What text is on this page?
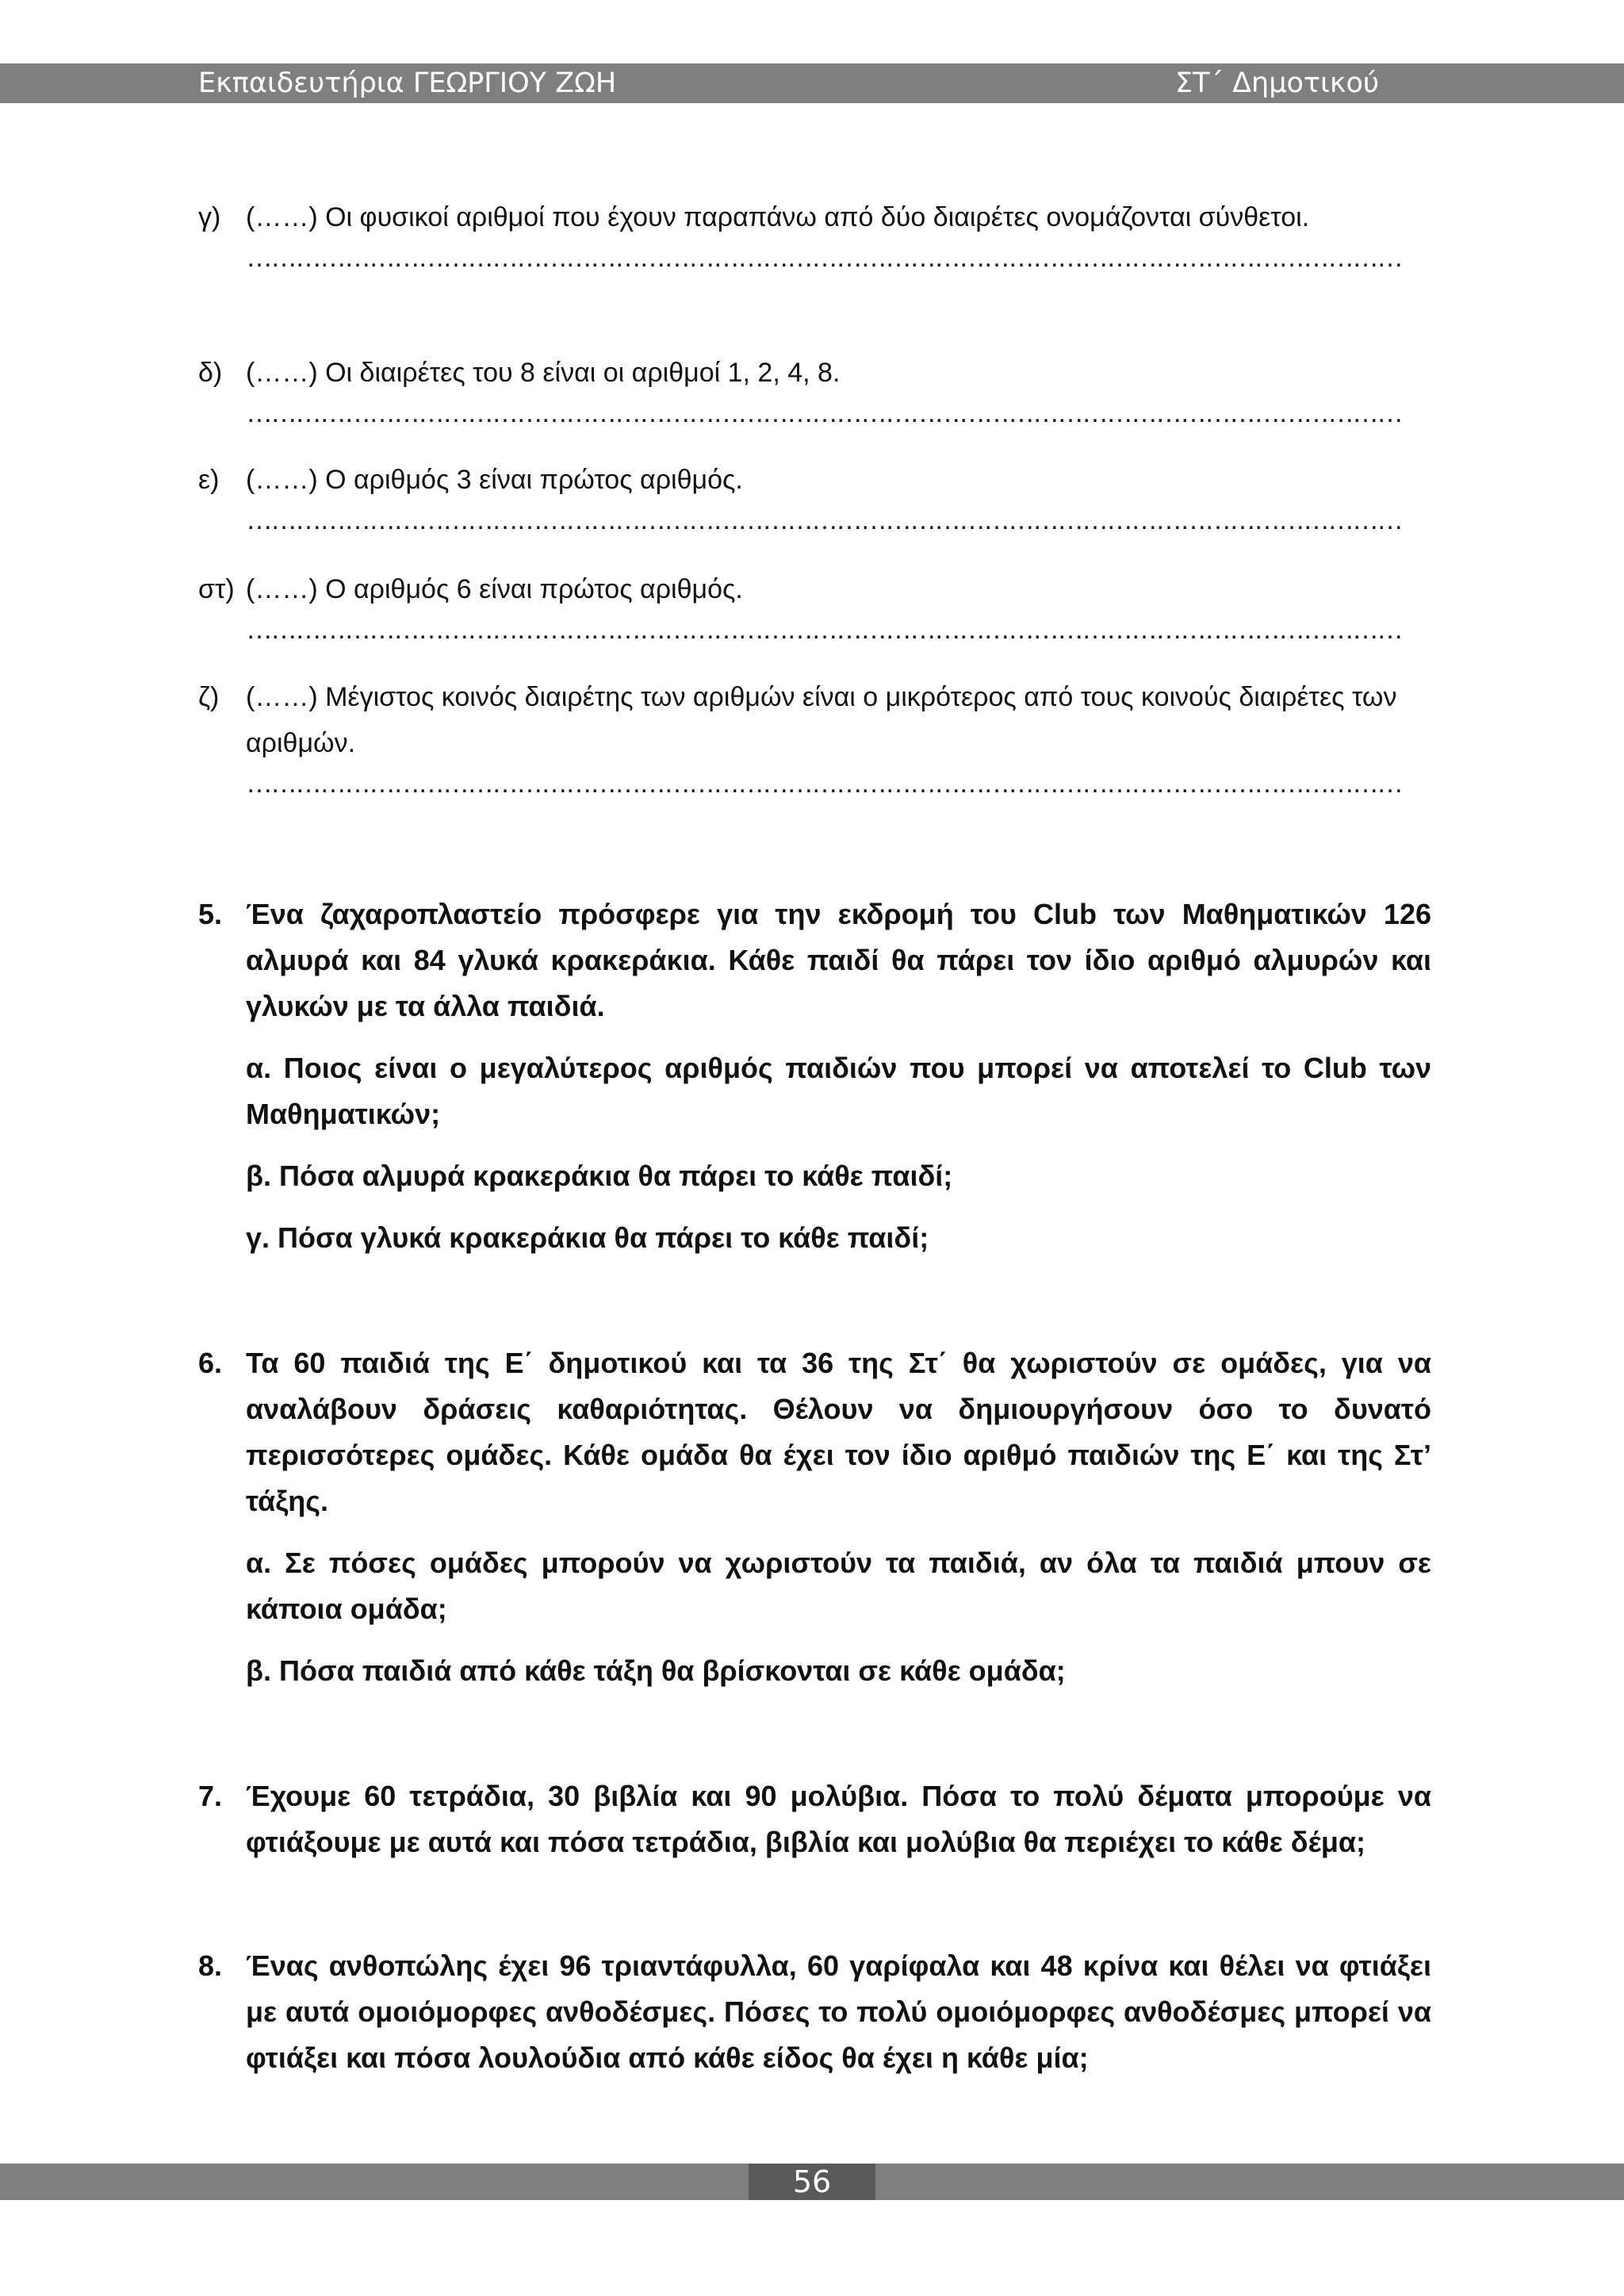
Εκπαιδευτήρια ΓΕΩΡΓΙΟΥ ΖΩΗ	ΣΤ΄ Δημοτικού
γ) (……) Οι φυσικοί αριθμοί που έχουν παραπάνω από δύο διαιρέτες ονομάζονται σύνθετοι.
……………………………………………………………………………………………………………………………
δ) (……) Οι διαιρέτες του 8 είναι οι αριθμοί 1, 2, 4, 8.
……………………………………………………………………………………………………………………………
ε) (……) Ο αριθμός 3 είναι πρώτος αριθμός.
……………………………………………………………………………………………………………………………
στ) (……) Ο αριθμός 6 είναι πρώτος αριθμός.
……………………………………………………………………………………………………………………………
ζ) (……) Μέγιστος κοινός διαιρέτης των αριθμών είναι ο μικρότερος από τους κοινούς διαιρέτες των αριθμών.
……………………………………………………………………………………………………………………………
5. Ένα ζαχαροπλαστείο πρόσφερε για την εκδρομή του Club των Μαθηματικών 126 αλμυρά και 84 γλυκά κρακεράκια. Κάθε παιδί θα πάρει τον ίδιο αριθμό αλμυρών και γλυκών με τα άλλα παιδιά.
α. Ποιος είναι ο μεγαλύτερος αριθμός παιδιών που μπορεί να αποτελεί το Club των Μαθηματικών;
β. Πόσα αλμυρά κρακεράκια θα πάρει το κάθε παιδί;
γ. Πόσα γλυκά κρακεράκια θα πάρει το κάθε παιδί;
6. Τα 60 παιδιά της Ε΄ δημοτικού και τα 36 της Στ΄ θα χωριστούν σε ομάδες, για να αναλάβουν δράσεις καθαριότητας. Θέλουν να δημιουργήσουν όσο το δυνατό περισσότερες ομάδες. Κάθε ομάδα θα έχει τον ίδιο αριθμό παιδιών της Ε΄ και της Στ’ τάξης.
α. Σε πόσες ομάδες μπορούν να χωριστούν τα παιδιά, αν όλα τα παιδιά μπουν σε κάποια ομάδα;
β. Πόσα παιδιά από κάθε τάξη θα βρίσκονται σε κάθε ομάδα;
7. Έχουμε 60 τετράδια, 30 βιβλία και 90 μολύβια. Πόσα το πολύ δέματα μπορούμε να φτιάξουμε με αυτά και πόσα τετράδια, βιβλία και μολύβια θα περιέχει το κάθε δέμα;
8. Ένας ανθοπώλης έχει 96 τριαντάφυλλα, 60 γαρίφαλα και 48 κρίνα και θέλει να φτιάξει με αυτά ομοιόμορφες ανθοδέσμες. Πόσες το πολύ ομοιόμορφες ανθοδέσμες μπορεί να φτιάξει και πόσα λουλούδια από κάθε είδος θα έχει η κάθε μία;
56
